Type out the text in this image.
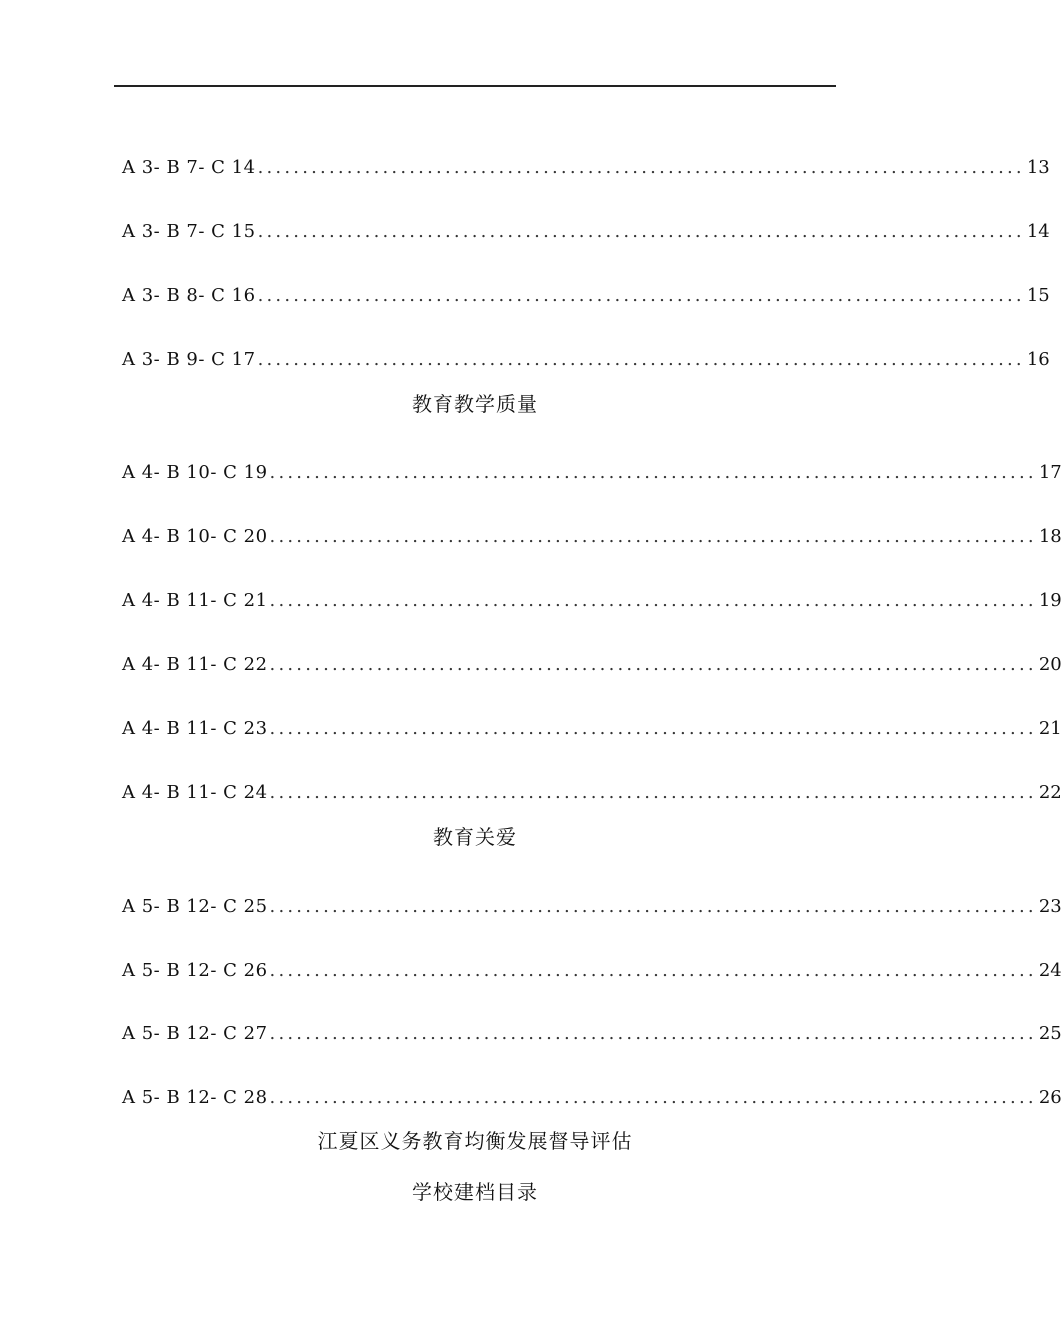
A 3- B 7- C 14 ...................................................................................... 13
A 3- B 7- C 15 ...................................................................................... 14
A 3- B 8- C 16 ...................................................................................... 15
A 3- B 9- C 17 ...................................................................................... 16
教育教学质量
A 4- B 10- C 19 ...................................................................................... 17
A 4- B 10- C 20 ...................................................................................... 18
A 4- B 11- C 21 ...................................................................................... 19
A 4- B 11- C 22 ...................................................................................... 20
A 4- B 11- C 23 ...................................................................................... 21
A 4- B 11- C 24 ...................................................................................... 22
教育关爱
A 5- B 12- C 25 ...................................................................................... 23
A 5- B 12- C 26 ...................................................................................... 24
A 5- B 12- C 27 ...................................................................................... 25
A 5- B 12- C 28 ...................................................................................... 26
江夏区义务教育均衡发展督导评估
学校建档目录
